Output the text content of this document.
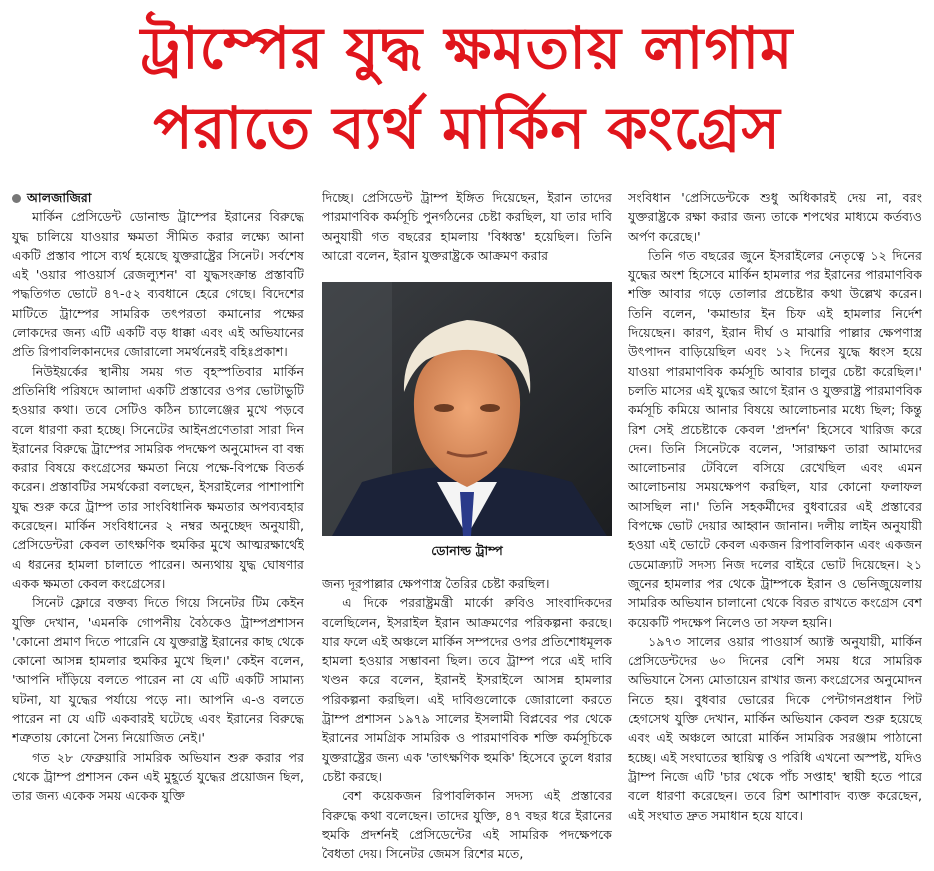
ট্রাম্পের যুদ্ধ ক্ষমতায় লাগাম
পরাতে ব্যর্থ মার্কিন কংগ্রেস

আলজাজিরা

মার্কিন প্রেসিডেন্ট ডোনাল্ড ট্রাম্পের ইরানের বিরুদ্ধে যুদ্ধ চালিয়ে যাওয়ার ক্ষমতা সীমিত করার লক্ষ্যে আনা একটি প্রস্তাব পাসে ব্যর্থ হয়েছে যুক্তরাষ্ট্রের সিনেট। সর্বশেষ এই 'ওয়ার পাওয়ার্স রেজল্যুশন' বা যুদ্ধসংক্রান্ত প্রস্তাবটি পদ্ধতিগত ভোটে ৪৭-৫২ ব্যবধানে হেরে গেছে। বিদেশের মাটিতে ট্রাম্পের সামরিক তৎপরতা কমানোর পক্ষের লোকদের জন্য এটি একটি বড় ধাক্কা এবং এই অভিযানের প্রতি রিপাবলিকানদের জোরালো সমর্থনেরই বহিঃপ্রকাশ।

নিউইয়র্কের স্থানীয় সময় গত বৃহস্পতিবার মার্কিন প্রতিনিধি পরিষদে আলাদা একটি প্রস্তাবের ওপর ভোটাভুটি হওয়ার কথা। তবে সেটিও কঠিন চ্যালেঞ্জের মুখে পড়বে বলে ধারণা করা হচ্ছে। সিনেটের আইনপ্রণেতারা সারা দিন ইরানের বিরুদ্ধে ট্রাম্পের সামরিক পদক্ষেপ অনুমোদন বা বন্ধ করার বিষয়ে কংগ্রেসের ক্ষমতা নিয়ে পক্ষে-বিপক্ষে বিতর্ক করেন। প্রস্তাবটির সমর্থকেরা বলছেন, ইসরাইলের পাশাপাশি যুদ্ধ শুরু করে ট্রাম্প তার সাংবিধানিক ক্ষমতার অপব্যবহার করেছেন। মার্কিন সংবিধানের ২ নম্বর অনুচ্ছেদ অনুযায়ী, প্রেসিডেন্টরা কেবল তাৎক্ষণিক হুমকির মুখে আত্মরক্ষার্থেই এ ধরনের হামলা চালাতে পারেন। অন্যথায় যুদ্ধ ঘোষণার একক ক্ষমতা কেবল কংগ্রেসের।

সিনেট ফ্লোরে বক্তব্য দিতে গিয়ে সিনেটর টিম কেইন যুক্তি দেখান, 'এমনকি গোপনীয় বৈঠকেও ট্রাম্পপ্রশাসন 'কোনো প্রমাণ দিতে পারেনি যে যুক্তরাষ্ট্র ইরানের কাছ থেকে কোনো আসন্ন হামলার হুমকির মুখে ছিল।' কেইন বলেন, 'আপনি দাঁড়িয়ে বলতে পারেন না যে এটি একটি সামান্য ঘটনা, যা যুদ্ধের পর্যায়ে পড়ে না। আপনি এ-ও বলতে পারেন না যে এটি একবারই ঘটেছে এবং ইরানের বিরুদ্ধে শত্রুতায় কোনো সৈন্য নিয়োজিত নেই।'

গত ২৮ ফেব্রুয়ারি সামরিক অভিযান শুরু করার পর থেকে ট্রাম্প প্রশাসন কেন এই মুহূর্তে যুদ্ধের প্রয়োজন ছিল, তার জন্য একেক সময় একেক যুক্তি

দিচ্ছে। প্রেসিডেন্ট ট্রাম্প ইঙ্গিত দিয়েছেন, ইরান তাদের পারমাণবিক কর্মসূচি পুনর্গঠনের চেষ্টা করছিল, যা তার দাবি অনুযায়ী গত বছরের হামলায় 'বিধ্বস্ত' হয়েছিল। তিনি আরো বলেন, ইরান যুক্তরাষ্ট্রকে আক্রমণ করার

ডোনাল্ড ট্রাম্প

জন্য দূরপাল্লার ক্ষেপণাস্ত্র তৈরির চেষ্টা করছিল।

এ দিকে পররাষ্ট্রমন্ত্রী মার্কো রুবিও সাংবাদিকদের বলেছিলেন, ইসরাইল ইরান আক্রমণের পরিকল্পনা করছে। যার ফলে এই অঞ্চলে মার্কিন সম্পদের ওপর প্রতিশোধমূলক হামলা হওয়ার সম্ভাবনা ছিল। তবে ট্রাম্প পরে এই দাবি খণ্ডন করে বলেন, ইরানই ইসরাইলে আসন্ন হামলার পরিকল্পনা করছিল। এই দাবিগুলোকে জোরালো করতে ট্রাম্প প্রশাসন ১৯৭৯ সালের ইসলামী বিপ্লবের পর থেকে ইরানের সামগ্রিক সামরিক ও পারমাণবিক শক্তি কর্মসূচিকে যুক্তরাষ্ট্রের জন্য এক 'তাৎক্ষণিক হুমকি' হিসেবে তুলে ধরার চেষ্টা করছে।

বেশ কয়েকজন রিপাবলিকান সদস্য এই প্রস্তাবের বিরুদ্ধে কথা বলেছেন। তাদের যুক্তি, ৪৭ বছর ধরে ইরানের হুমকি প্রদর্শনই প্রেসিডেন্টের এই সামরিক পদক্ষেপকে বৈধতা দেয়। সিনেটর জেমস রিশের মতে,

সংবিধান 'প্রেসিডেন্টকে শুধু অধিকারই দেয় না, বরং যুক্তরাষ্ট্রকে রক্ষা করার জন্য তাকে শপথের মাধ্যমে কর্তব্যও অর্পণ করেছে।'

তিনি গত বছরের জুনে ইসরাইলের নেতৃত্বে ১২ দিনের যুদ্ধের অংশ হিসেবে মার্কিন হামলার পর ইরানের পারমাণবিক শক্তি আবার গড়ে তোলার প্রচেষ্টার কথা উল্লেখ করেন। তিনি বলেন, 'কমান্ডার ইন চিফ এই হামলার নির্দেশ দিয়েছেন। কারণ, ইরান দীর্ঘ ও মাঝারি পাল্লার ক্ষেপণাস্ত্র উৎপাদন বাড়িয়েছিল এবং ১২ দিনের যুদ্ধে ধ্বংস হয়ে যাওয়া পারমাণবিক কর্মসূচি আবার চালুর চেষ্টা করেছিল।' চলতি মাসের এই যুদ্ধের আগে ইরান ও যুক্তরাষ্ট্র পারমাণবিক কর্মসূচি কমিয়ে আনার বিষয়ে আলোচনার মধ্যে ছিল; কিন্তু রিশ সেই প্রচেষ্টাকে কেবল 'প্রদর্শন' হিসেবে খারিজ করে দেন। তিনি সিনেটকে বলেন, 'সারাক্ষণ তারা আমাদের আলোচনার টেবিলে বসিয়ে রেখেছিল এবং এমন আলোচনায় সময়ক্ষেপণ করছিল, যার কোনো ফলাফল আসছিল না।' তিনি সহকর্মীদের বুধবারের এই প্রস্তাবের বিপক্ষে ভোট দেয়ার আহ্বান জানান। দলীয় লাইন অনুযায়ী হওয়া এই ভোটে কেবল একজন রিপাবলিকান এবং একজন ডেমোক্র্যাট সদস্য নিজ দলের বাইরে ভোট দিয়েছেন। ২১ জুনের হামলার পর থেকে ট্রাম্পকে ইরান ও ভেনিজুয়েলায় সামরিক অভিযান চালানো থেকে বিরত রাখতে কংগ্রেস বেশ কয়েকটি পদক্ষেপ নিলেও তা সফল হয়নি।

১৯৭৩ সালের ওয়ার পাওয়ার্স অ্যাক্ট অনুযায়ী, মার্কিন প্রেসিডেন্টদের ৬০ দিনের বেশি সময় ধরে সামরিক অভিযানে সৈন্য মোতায়েন রাখার জন্য কংগ্রেসের অনুমোদন নিতে হয়। বুধবার ভোরের দিকে পেন্টাগনপ্রধান পিট হেগসেথ যুক্তি দেখান, মার্কিন অভিযান কেবল শুরু হয়েছে এবং এই অঞ্চলে আরো মার্কিন সামরিক সরঞ্জাম পাঠানো হচ্ছে। এই সংঘাতের স্থায়িত্ব ও পরিধি এখনো অস্পষ্ট, যদিও ট্রাম্প নিজে এটি 'চার থেকে পাঁচ সপ্তাহ' স্থায়ী হতে পারে বলে ধারণা করেছেন। তবে রিশ আশাবাদ ব্যক্ত করেছেন, এই সংঘাত দ্রুত সমাধান হয়ে যাবে।
